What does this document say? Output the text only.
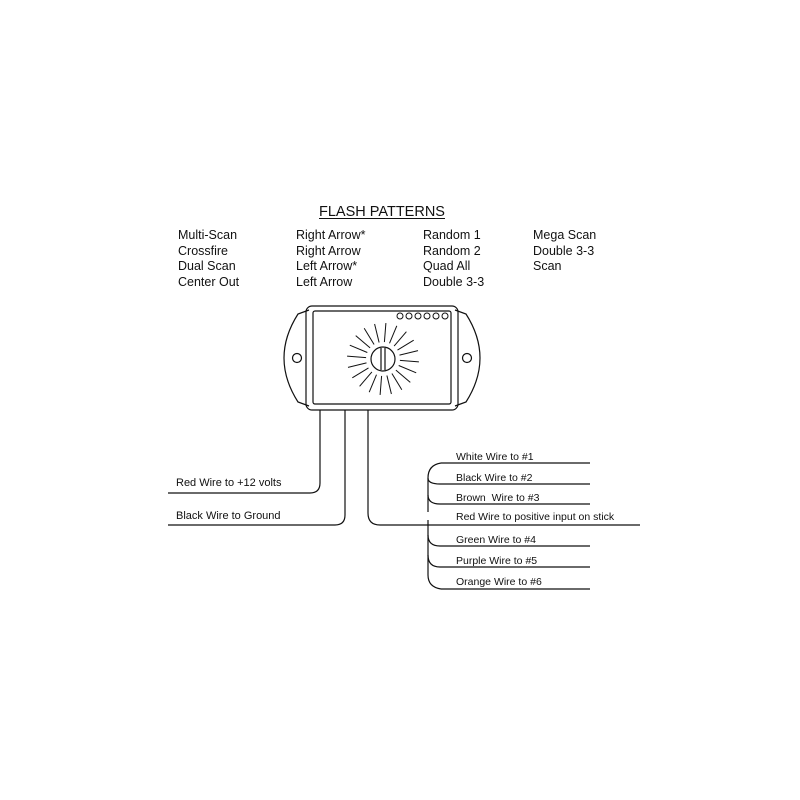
FLASH PATTERNS
Multi-Scan
Crossfire
Dual Scan
Center Out
Right Arrow*
Right Arrow
Left Arrow*
Left Arrow
Random 1
Random 2
Quad All
Double 3-3
Mega Scan
Double 3-3
Scan
Red Wire to +12 volts
Black Wire to Ground
White Wire to #1
Black Wire to #2
Brown  Wire to #3
Red Wire to positive input on stick
Green Wire to #4
Purple Wire to #5
Orange Wire to #6
